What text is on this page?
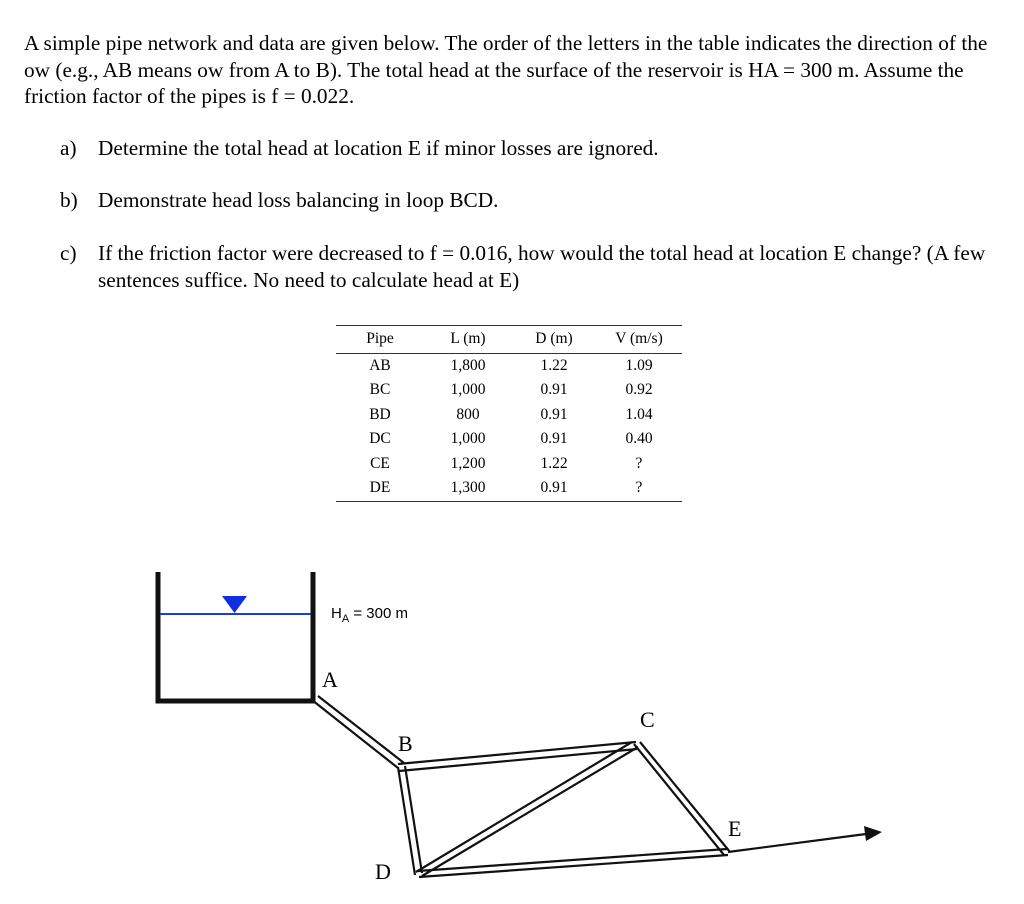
A simple pipe network and data are given below. The order of the letters in the table indicates the direction of the ow (e.g., AB means ow from A to B). The total head at the surface of the reservoir is HA = 300 m. Assume the friction factor of the pipes is f = 0.022.
a) Determine the total head at location E if minor losses are ignored.
b) Demonstrate head loss balancing in loop BCD.
c) If the friction factor were decreased to f = 0.016, how would the total head at location E change? (A few sentences suffice. No need to calculate head at E)
Pipe	L (m)	D (m)	V (m/s)
AB	1,800	1.22	1.09
BC	1,000	0.91	0.92
BD	800	0.91	1.04
DC	1,000	0.91	0.40
CE	1,200	1.22	?
DE	1,300	0.91	?
$H_A = 300$ m
A
B
C
D
E
